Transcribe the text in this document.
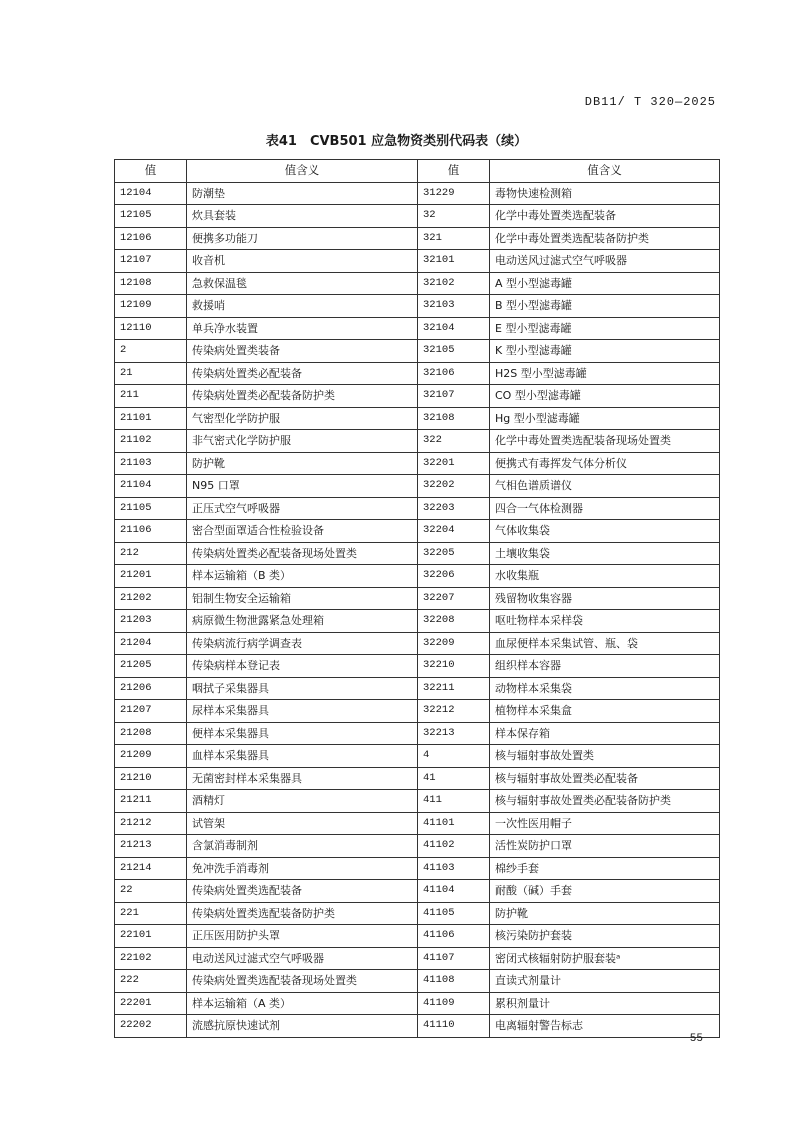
DB11/ T 320—2025
表41　CVB501 应急物资类别代码表（续）
值	值含义	值	值含义
12104	防潮垫	31229	毒物快速检测箱
12105	炊具套装	32	化学中毒处置类选配装备
12106	便携多功能刀	321	化学中毒处置类选配装备防护类
12107	收音机	32101	电动送风过滤式空气呼吸器
12108	急救保温毯	32102	A 型小型滤毒罐
12109	救援哨	32103	B 型小型滤毒罐
12110	单兵净水装置	32104	E 型小型滤毒罐
2	传染病处置类装备	32105	K 型小型滤毒罐
21	传染病处置类必配装备	32106	H2S 型小型滤毒罐
211	传染病处置类必配装备防护类	32107	CO 型小型滤毒罐
21101	气密型化学防护服	32108	Hg 型小型滤毒罐
21102	非气密式化学防护服	322	化学中毒处置类选配装备现场处置类
21103	防护靴	32201	便携式有毒挥发气体分析仪
21104	N95 口罩	32202	气相色谱质谱仪
21105	正压式空气呼吸器	32203	四合一气体检测器
21106	密合型面罩适合性检验设备	32204	气体收集袋
212	传染病处置类必配装备现场处置类	32205	土壤收集袋
21201	样本运输箱（B 类）	32206	水收集瓶
21202	铝制生物安全运输箱	32207	残留物收集容器
21203	病原微生物泄露紧急处理箱	32208	呕吐物样本采样袋
21204	传染病流行病学调查表	32209	血尿便样本采集试管、瓶、袋
21205	传染病样本登记表	32210	组织样本容器
21206	咽拭子采集器具	32211	动物样本采集袋
21207	尿样本采集器具	32212	植物样本采集盒
21208	便样本采集器具	32213	样本保存箱
21209	血样本采集器具	4	核与辐射事故处置类
21210	无菌密封样本采集器具	41	核与辐射事故处置类必配装备
21211	酒精灯	411	核与辐射事故处置类必配装备防护类
21212	试管架	41101	一次性医用帽子
21213	含氯消毒制剂	41102	活性炭防护口罩
21214	免冲洗手消毒剂	41103	棉纱手套
22	传染病处置类选配装备	41104	耐酸（碱）手套
221	传染病处置类选配装备防护类	41105	防护靴
22101	正压医用防护头罩	41106	核污染防护套装
22102	电动送风过滤式空气呼吸器	41107	密闭式核辐射防护服套装ᵃ
222	传染病处置类选配装备现场处置类	41108	直读式剂量计
22201	样本运输箱（A 类）	41109	累积剂量计
22202	流感抗原快速试剂	41110	电离辐射警告标志
55
